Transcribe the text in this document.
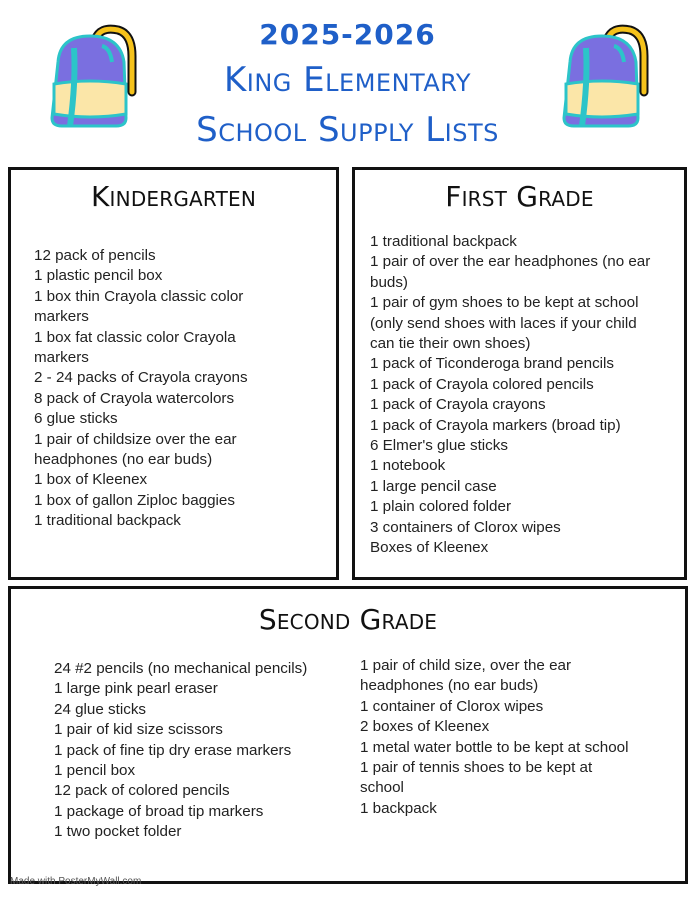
2025-2026
King Elementary
School Supply Lists
Kindergarten
12 pack of pencils
1 plastic pencil box
1 box thin Crayola classic color markers
1 box fat classic color Crayola markers
2 - 24 packs of Crayola crayons
8 pack of Crayola watercolors
6 glue sticks
1 pair of childsize over the ear headphones (no ear buds)
1 box of Kleenex
1 box of gallon Ziploc baggies
1 traditional backpack
First Grade
1 traditional backpack
1 pair of over the ear headphones (no ear buds)
1 pair of gym shoes to be kept at school (only send shoes with laces if your child can tie their own shoes)
1 pack of Ticonderoga brand pencils
1 pack of Crayola colored pencils
1 pack of Crayola crayons
1 pack of Crayola markers (broad tip)
6 Elmer's glue sticks
1 notebook
1 large pencil case
1 plain colored folder
3 containers of Clorox wipes
Boxes of Kleenex
Second Grade
24 #2 pencils (no mechanical pencils)
1 large pink pearl eraser
24 glue sticks
1 pair of kid size scissors
1 pack of fine tip dry erase markers
1 pencil box
12 pack of colored pencils
1 package of broad tip markers
1 two pocket folder
1 pair of child size, over the ear headphones (no ear buds)
1 container of Clorox wipes
2 boxes of Kleenex
1 metal water bottle to be kept at school
1 pair of tennis shoes to be kept at school
1 backpack
Made with PosterMyWall.com
